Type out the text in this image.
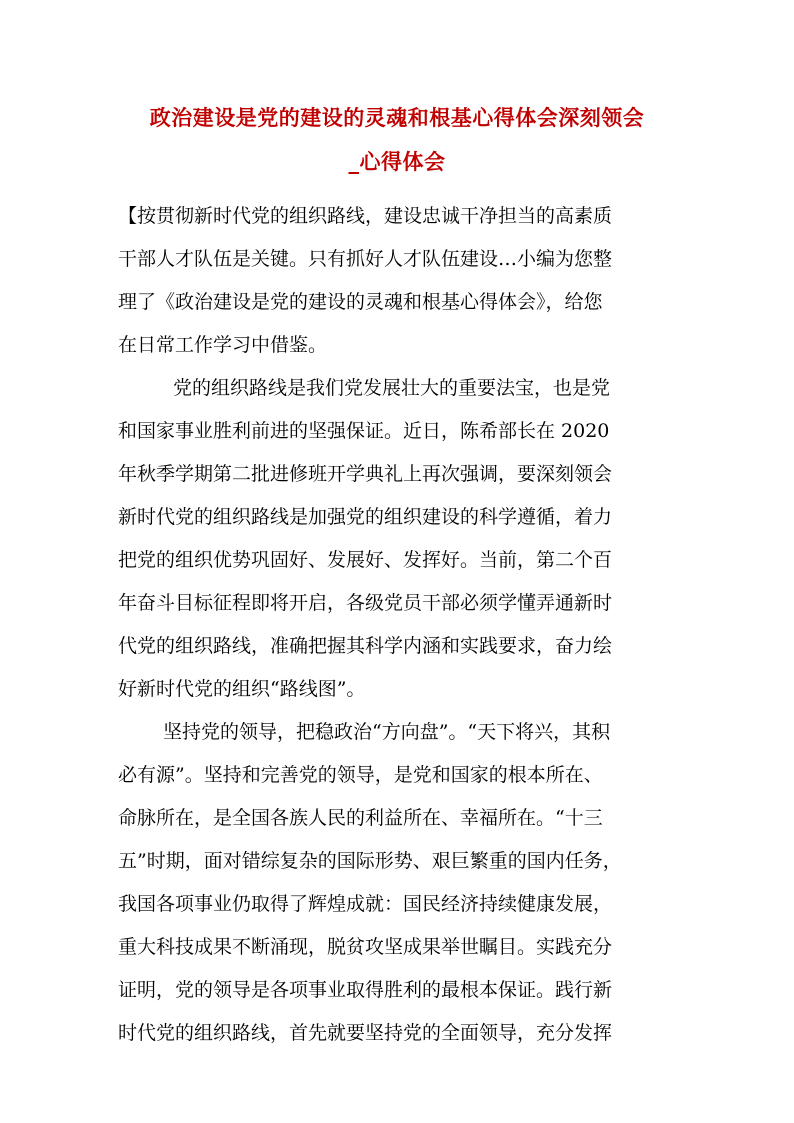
政治建设是党的建设的灵魂和根基心得体会深刻领会
_心得体会
【按贯彻新时代党的组织路线，建设忠诚干净担当的高素质
干部人才队伍是关键。只有抓好人才队伍建设…小编为您整
理了《政治建设是党的建设的灵魂和根基心得体会》，给您
在日常工作学习中借鉴。
党的组织路线是我们党发展壮大的重要法宝，也是党
和国家事业胜利前进的坚强保证。近日，陈希部长在 2020
年秋季学期第二批进修班开学典礼上再次强调，要深刻领会
新时代党的组织路线是加强党的组织建设的科学遵循，着力
把党的组织优势巩固好、发展好、发挥好。当前，第二个百
年奋斗目标征程即将开启，各级党员干部必须学懂弄通新时
代党的组织路线，准确把握其科学内涵和实践要求，奋力绘
好新时代党的组织“路线图”。
坚持党的领导，把稳政治“方向盘”。“天下将兴，其积
必有源”。坚持和完善党的领导，是党和国家的根本所在、
命脉所在，是全国各族人民的利益所在、幸福所在。“十三
五”时期，面对错综复杂的国际形势、艰巨繁重的国内任务，
我国各项事业仍取得了辉煌成就：国民经济持续健康发展，
重大科技成果不断涌现，脱贫攻坚成果举世瞩目。实践充分
证明，党的领导是各项事业取得胜利的最根本保证。践行新
时代党的组织路线，首先就要坚持党的全面领导，充分发挥
